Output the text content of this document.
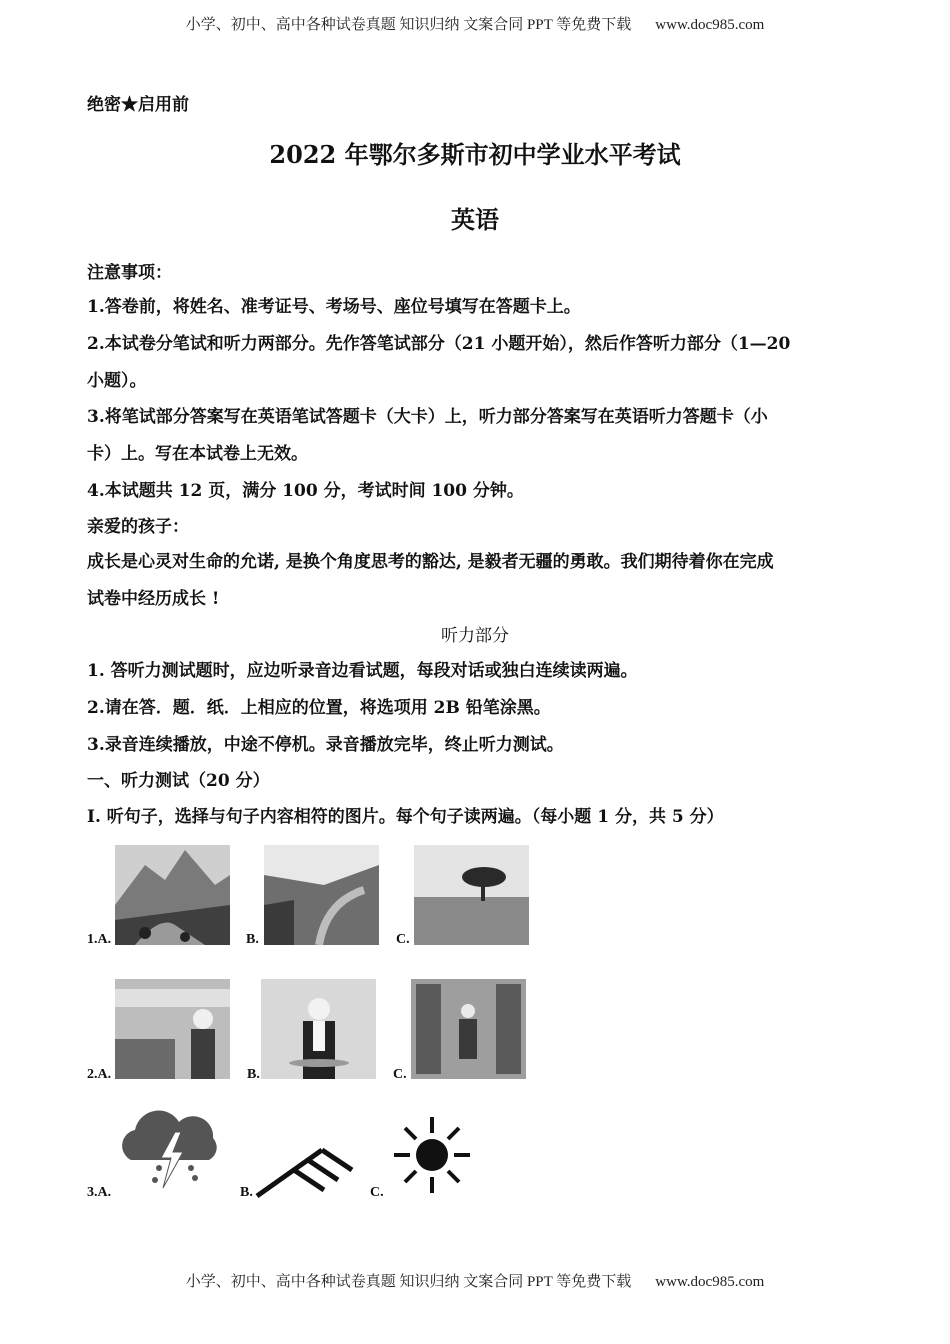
小学、初中、高中各种试卷真题 知识归纳 文案合同 PPT 等免费下载 www.doc985.com
绝密★启用前
2022 年鄂尔多斯市初中学业水平考试
英语
注意事项：
1.答卷前，将姓名、准考证号、考场号、座位号填写在答题卡上。
2.本试卷分笔试和听力两部分。先作答笔试部分（21 小题开始），然后作答听力部分（1—20
小题）。
3.将笔试部分答案写在英语笔试答题卡（大卡）上，听力部分答案写在英语听力答题卡（小
卡）上。写在本试卷上无效。
4.本试题共 12 页，满分 100 分，考试时间 100 分钟。
亲爱的孩子：
成长是心灵对生命的允诺, 是换个角度思考的豁达, 是毅者无疆的勇敢。我们期待着你在完成
试卷中经历成长 !
听力部分
1. 答听力测试题时，应边听录音边看试题，每段对话或独白连续读两遍。
2.请在答．题．纸．上相应的位置，将选项用 2B 铅笔涂黑。
3.录音连续播放，中途不停机。录音播放完毕，终止听力测试。
一、听力测试（20 分）
I. 听句子，选择与句子内容相符的图片。每个句子读两遍。（每小题 1 分，共 5 分）
1.A.	B.	C.
2.A.	B.	C.
3.A.	B.	C.
小学、初中、高中各种试卷真题 知识归纳 文案合同 PPT 等免费下载 www.doc985.com
